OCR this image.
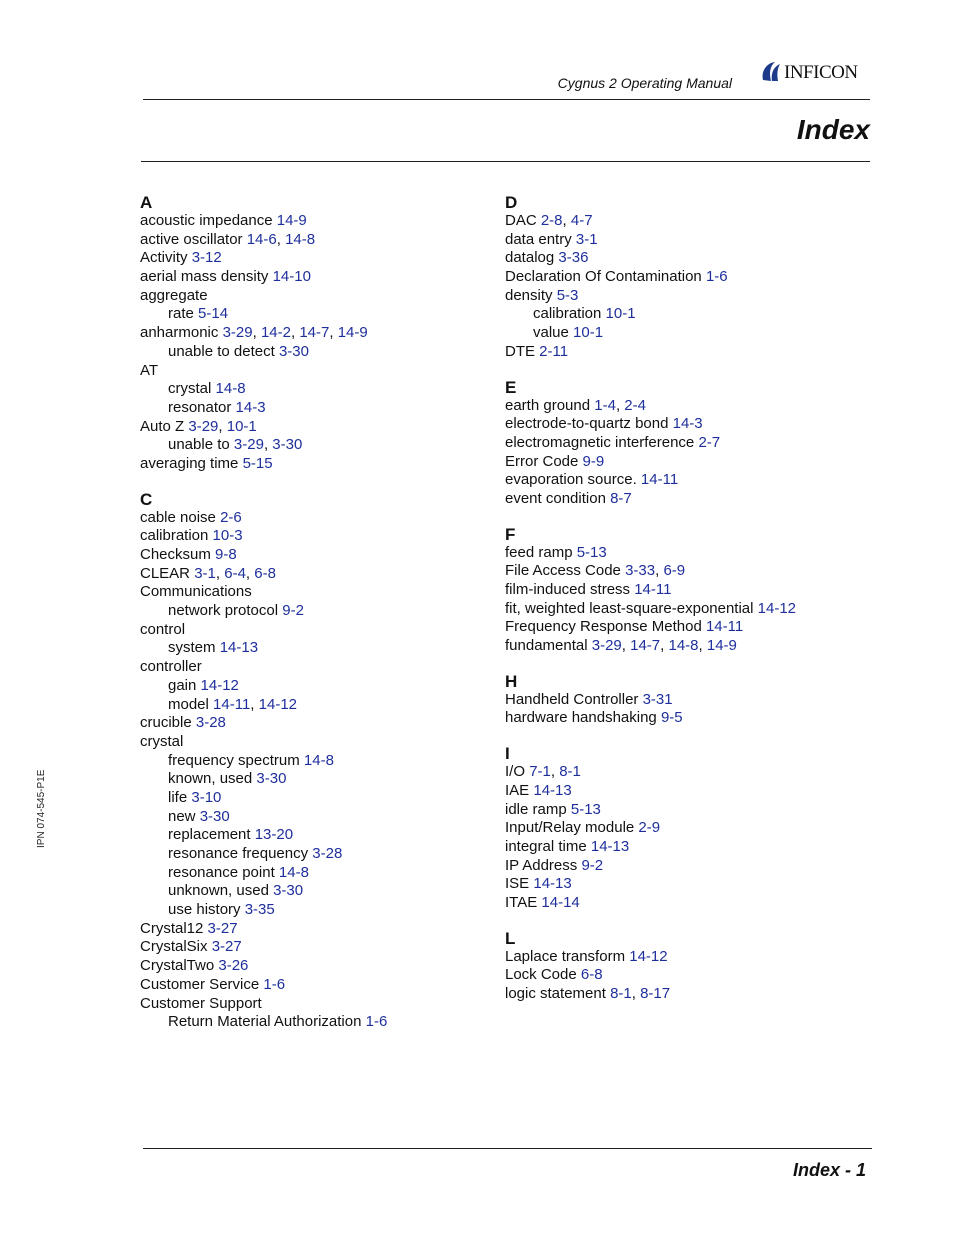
Cygnus 2 Operating Manual	INFICON
Index
A
acoustic impedance 14-9
active oscillator 14-6, 14-8
Activity 3-12
aerial mass density 14-10
aggregate
rate 5-14
anharmonic 3-29, 14-2, 14-7, 14-9
unable to detect 3-30
AT
crystal 14-8
resonator 14-3
Auto Z 3-29, 10-1
unable to 3-29, 3-30
averaging time 5-15
C
cable noise 2-6
calibration 10-3
Checksum 9-8
CLEAR 3-1, 6-4, 6-8
Communications
network protocol 9-2
control
system 14-13
controller
gain 14-12
model 14-11, 14-12
crucible 3-28
crystal
frequency spectrum 14-8
known, used 3-30
life 3-10
new 3-30
replacement 13-20
resonance frequency 3-28
resonance point 14-8
unknown, used 3-30
use history 3-35
Crystal12 3-27
CrystalSix 3-27
CrystalTwo 3-26
Customer Service 1-6
Customer Support
Return Material Authorization 1-6
D
DAC 2-8, 4-7
data entry 3-1
datalog 3-36
Declaration Of Contamination 1-6
density 5-3
calibration 10-1
value 10-1
DTE 2-11
E
earth ground 1-4, 2-4
electrode-to-quartz bond 14-3
electromagnetic interference 2-7
Error Code 9-9
evaporation source. 14-11
event condition 8-7
F
feed ramp 5-13
File Access Code 3-33, 6-9
film-induced stress 14-11
fit, weighted least-square-exponential 14-12
Frequency Response Method 14-11
fundamental 3-29, 14-7, 14-8, 14-9
H
Handheld Controller 3-31
hardware handshaking 9-5
I
I/O 7-1, 8-1
IAE 14-13
idle ramp 5-13
Input/Relay module 2-9
integral time 14-13
IP Address 9-2
ISE 14-13
ITAE 14-14
L
Laplace transform 14-12
Lock Code 6-8
logic statement 8-1, 8-17
IPN 074-545-P1E
Index - 1
